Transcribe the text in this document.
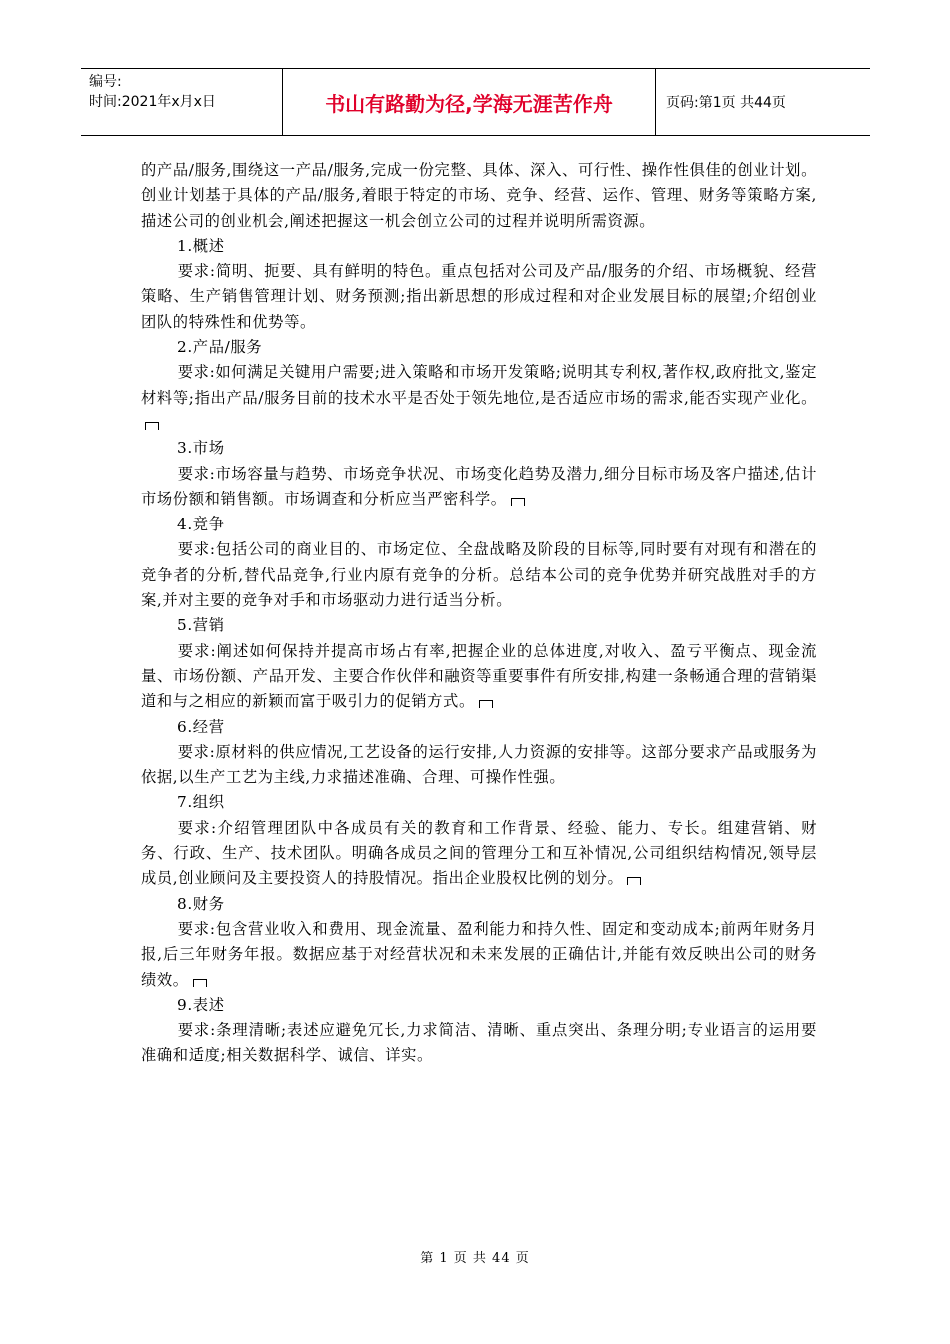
编号:
时间:2021年x月x日	书山有路勤为径,学海无涯苦作舟	页码:第1页 共44页

的产品/服务,围绕这一产品/服务,完成一份完整、具体、深入、可行性、操作性俱佳的创业计划。创业计划基于具体的产品/服务,着眼于特定的市场、竞争、经营、运作、管理、财务等策略方案,描述公司的创业机会,阐述把握这一机会创立公司的过程并说明所需资源。

1.概述

要求:简明、扼要、具有鲜明的特色。重点包括对公司及产品/服务的介绍、市场概貌、经营策略、生产销售管理计划、财务预测;指出新思想的形成过程和对企业发展目标的展望;介绍创业团队的特殊性和优势等。

2.产品/服务

要求:如何满足关键用户需要;进入策略和市场开发策略;说明其专利权,著作权,政府批文,鉴定材料等;指出产品/服务目前的技术水平是否处于领先地位,是否适应市场的需求,能否实现产业化。

3.市场

要求:市场容量与趋势、市场竞争状况、市场变化趋势及潜力,细分目标市场及客户描述,估计市场份额和销售额。市场调查和分析应当严密科学。

4.竞争

要求:包括公司的商业目的、市场定位、全盘战略及阶段的目标等,同时要有对现有和潜在的竞争者的分析,替代品竞争,行业内原有竞争的分析。总结本公司的竞争优势并研究战胜对手的方案,并对主要的竞争对手和市场驱动力进行适当分析。

5.营销

要求:阐述如何保持并提高市场占有率,把握企业的总体进度,对收入、盈亏平衡点、现金流量、市场份额、产品开发、主要合作伙伴和融资等重要事件有所安排,构建一条畅通合理的营销渠道和与之相应的新颖而富于吸引力的促销方式。

6.经营

要求:原材料的供应情况,工艺设备的运行安排,人力资源的安排等。这部分要求产品或服务为依据,以生产工艺为主线,力求描述准确、合理、可操作性强。

7.组织

要求:介绍管理团队中各成员有关的教育和工作背景、经验、能力、专长。组建营销、财务、行政、生产、技术团队。明确各成员之间的管理分工和互补情况,公司组织结构情况,领导层成员,创业顾问及主要投资人的持股情况。指出企业股权比例的划分。

8.财务

要求:包含营业收入和费用、现金流量、盈利能力和持久性、固定和变动成本;前两年财务月报,后三年财务年报。数据应基于对经营状况和未来发展的正确估计,并能有效反映出公司的财务绩效。

9.表述

要求:条理清晰;表述应避免冗长,力求简洁、清晰、重点突出、条理分明;专业语言的运用要准确和适度;相关数据科学、诚信、详实。

第 1 页 共 44 页
